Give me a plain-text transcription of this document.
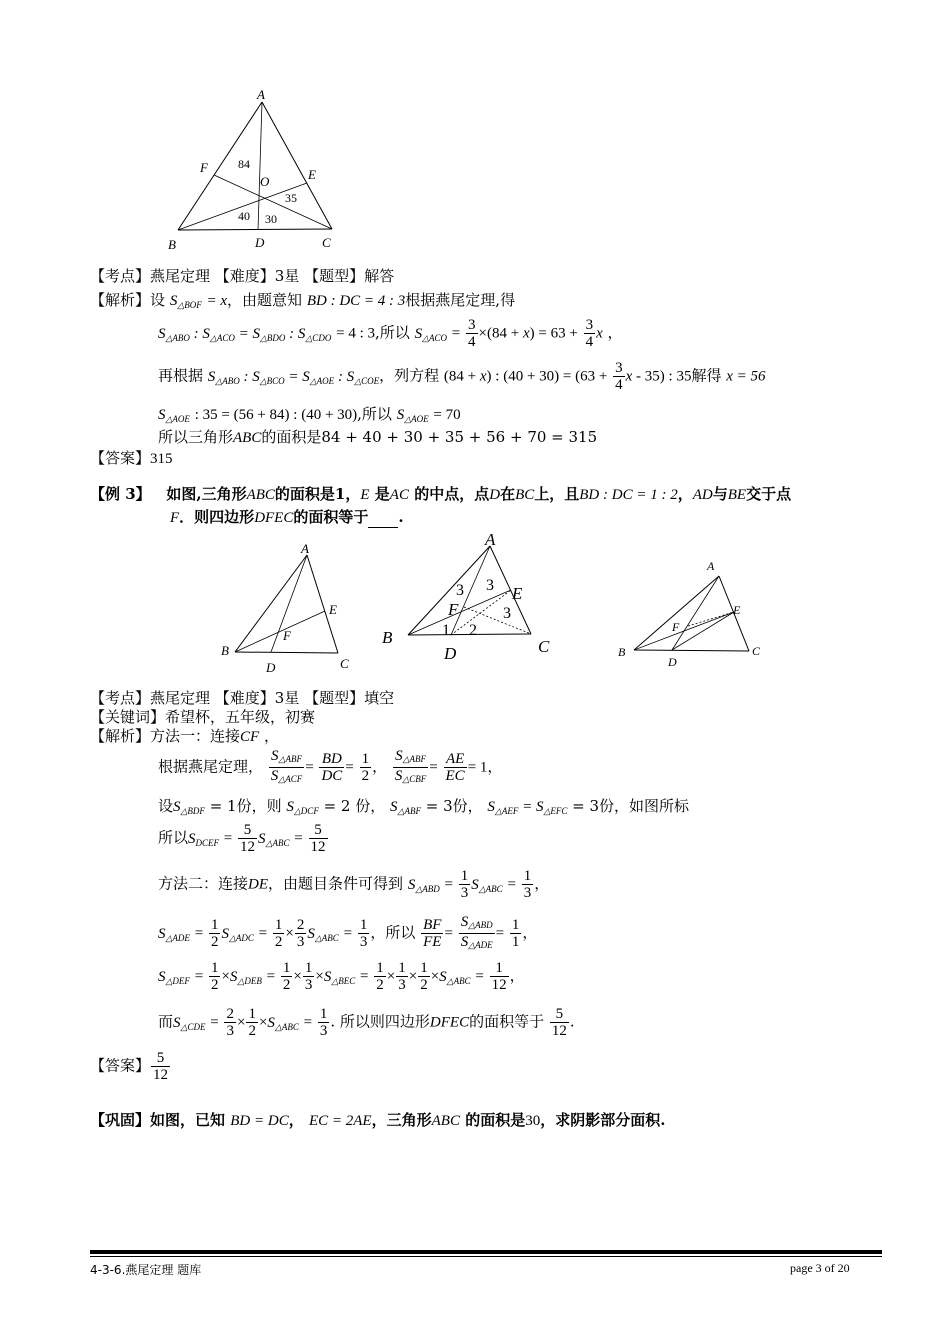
A
F	E
O
84
35
40 30
B	D	C
【考点】燕尾定理 【难度】3星 【题型】解答
【解析】设 $S_{\triangle BOF} = x$，由题意知 BD : DC = 4 : 3根据燕尾定理,得
$S_{\triangle ABO}$ : $S_{\triangle ACO} = S_{\triangle BDO}$ : $S_{\triangle CDO} = 4$ : 3,所以 $S_{\triangle ACO} = \frac{3}{4} \times(84 + x) = 63 + \frac{3}{4}$ x ，
再根据 $S_{\triangle ABO}$ : $S_{\triangle BCO} = S_{\triangle AOE}$ : $S_{\triangle COE}$，列方程 (84 + x) : $(40 + 30) = (63 + \frac{3}{4}$ x - 35) : 35解得 x = 56
$S_{\triangle AOE}$ : 35 = (56 + 84) : (40 + 30),所以 $S_{\triangle AOE} = 70$
所以三角形ABC的面积是84 + 40 + 30 + 35 + 56 + 70 = 315
【答案】315
【例 3】 如图,三角形ABC的面积是1，E 是AC 的中点，点D在BC上，且BD : DC = 1 : 2，AD与BE交于点
F．则四边形DFEC的面积等于 .
A
E
F
B
D	C
A
3 3 E
F	3
1 2
B
D	C
A
E
F
B
D
C
【考点】燕尾定理 【难度】3星 【题型】填空
【关键词】希望杯，五年级，初赛
【解析】方法一：连接CF ，
根据燕尾定理，
$S_{\triangle ABF}$
$S_{\triangle ACF}$
= $\frac{BD}{DC} = \frac{1}{2}$ ，
$S_{\triangle ABF}$
$S_{\triangle CBF}$
= $\frac{AE}{EC} = 1$，
设$S_{\triangle BDF} = 1$份，则 $S_{\triangle DCF} = 2$ 份， $S_{\triangle ABF} = 3$份， $S_{\triangle AEF} = S_{\triangle EFC} = 3$份，如图所标
所以$S_{DCEF} = \frac{5}{12} S_{\triangle ABC} = \frac{5}{12}$
方法二：连接DE，由题目条件可得到 $S_{\triangle ABD} = \frac{1}{3} S_{\triangle ABC} = \frac{1}{3}$ ，
$S_{\triangle ADE} = \frac{1}{2} S_{\triangle ADC} = \frac{1}{2} \times \frac{2}{3} S_{\triangle ABC} = \frac{1}{3}$ ，所以 $\frac{BF}{FE}$ =
$S_{\triangle ABD}$
$S_{\triangle ADE}$
= $\frac{1}{1}$ ，
$S_{\triangle DEF} = \frac{1}{2} \times S_{\triangle DEB} = \frac{1}{2} \times \frac{1}{3} \times S_{\triangle BEC} = \frac{1}{2} \times \frac{1}{3} \times \frac{1}{2} \times S_{\triangle ABC} = \frac{1}{12}$ ，
而$S_{\triangle CDE} = \frac{2}{3} \times \frac{1}{2} \times S_{\triangle ABC} = \frac{1}{3}$ . 所以则四边形DFEC的面积等于 $\frac{5}{12}$ .
【答案】 $\frac{5}{12}$
【巩固】如图，已知 BD = DC， EC = 2AE，三角形ABC 的面积是30，求阴影部分面积.
4-3-6.燕尾定理 题库	page 3 of 20
